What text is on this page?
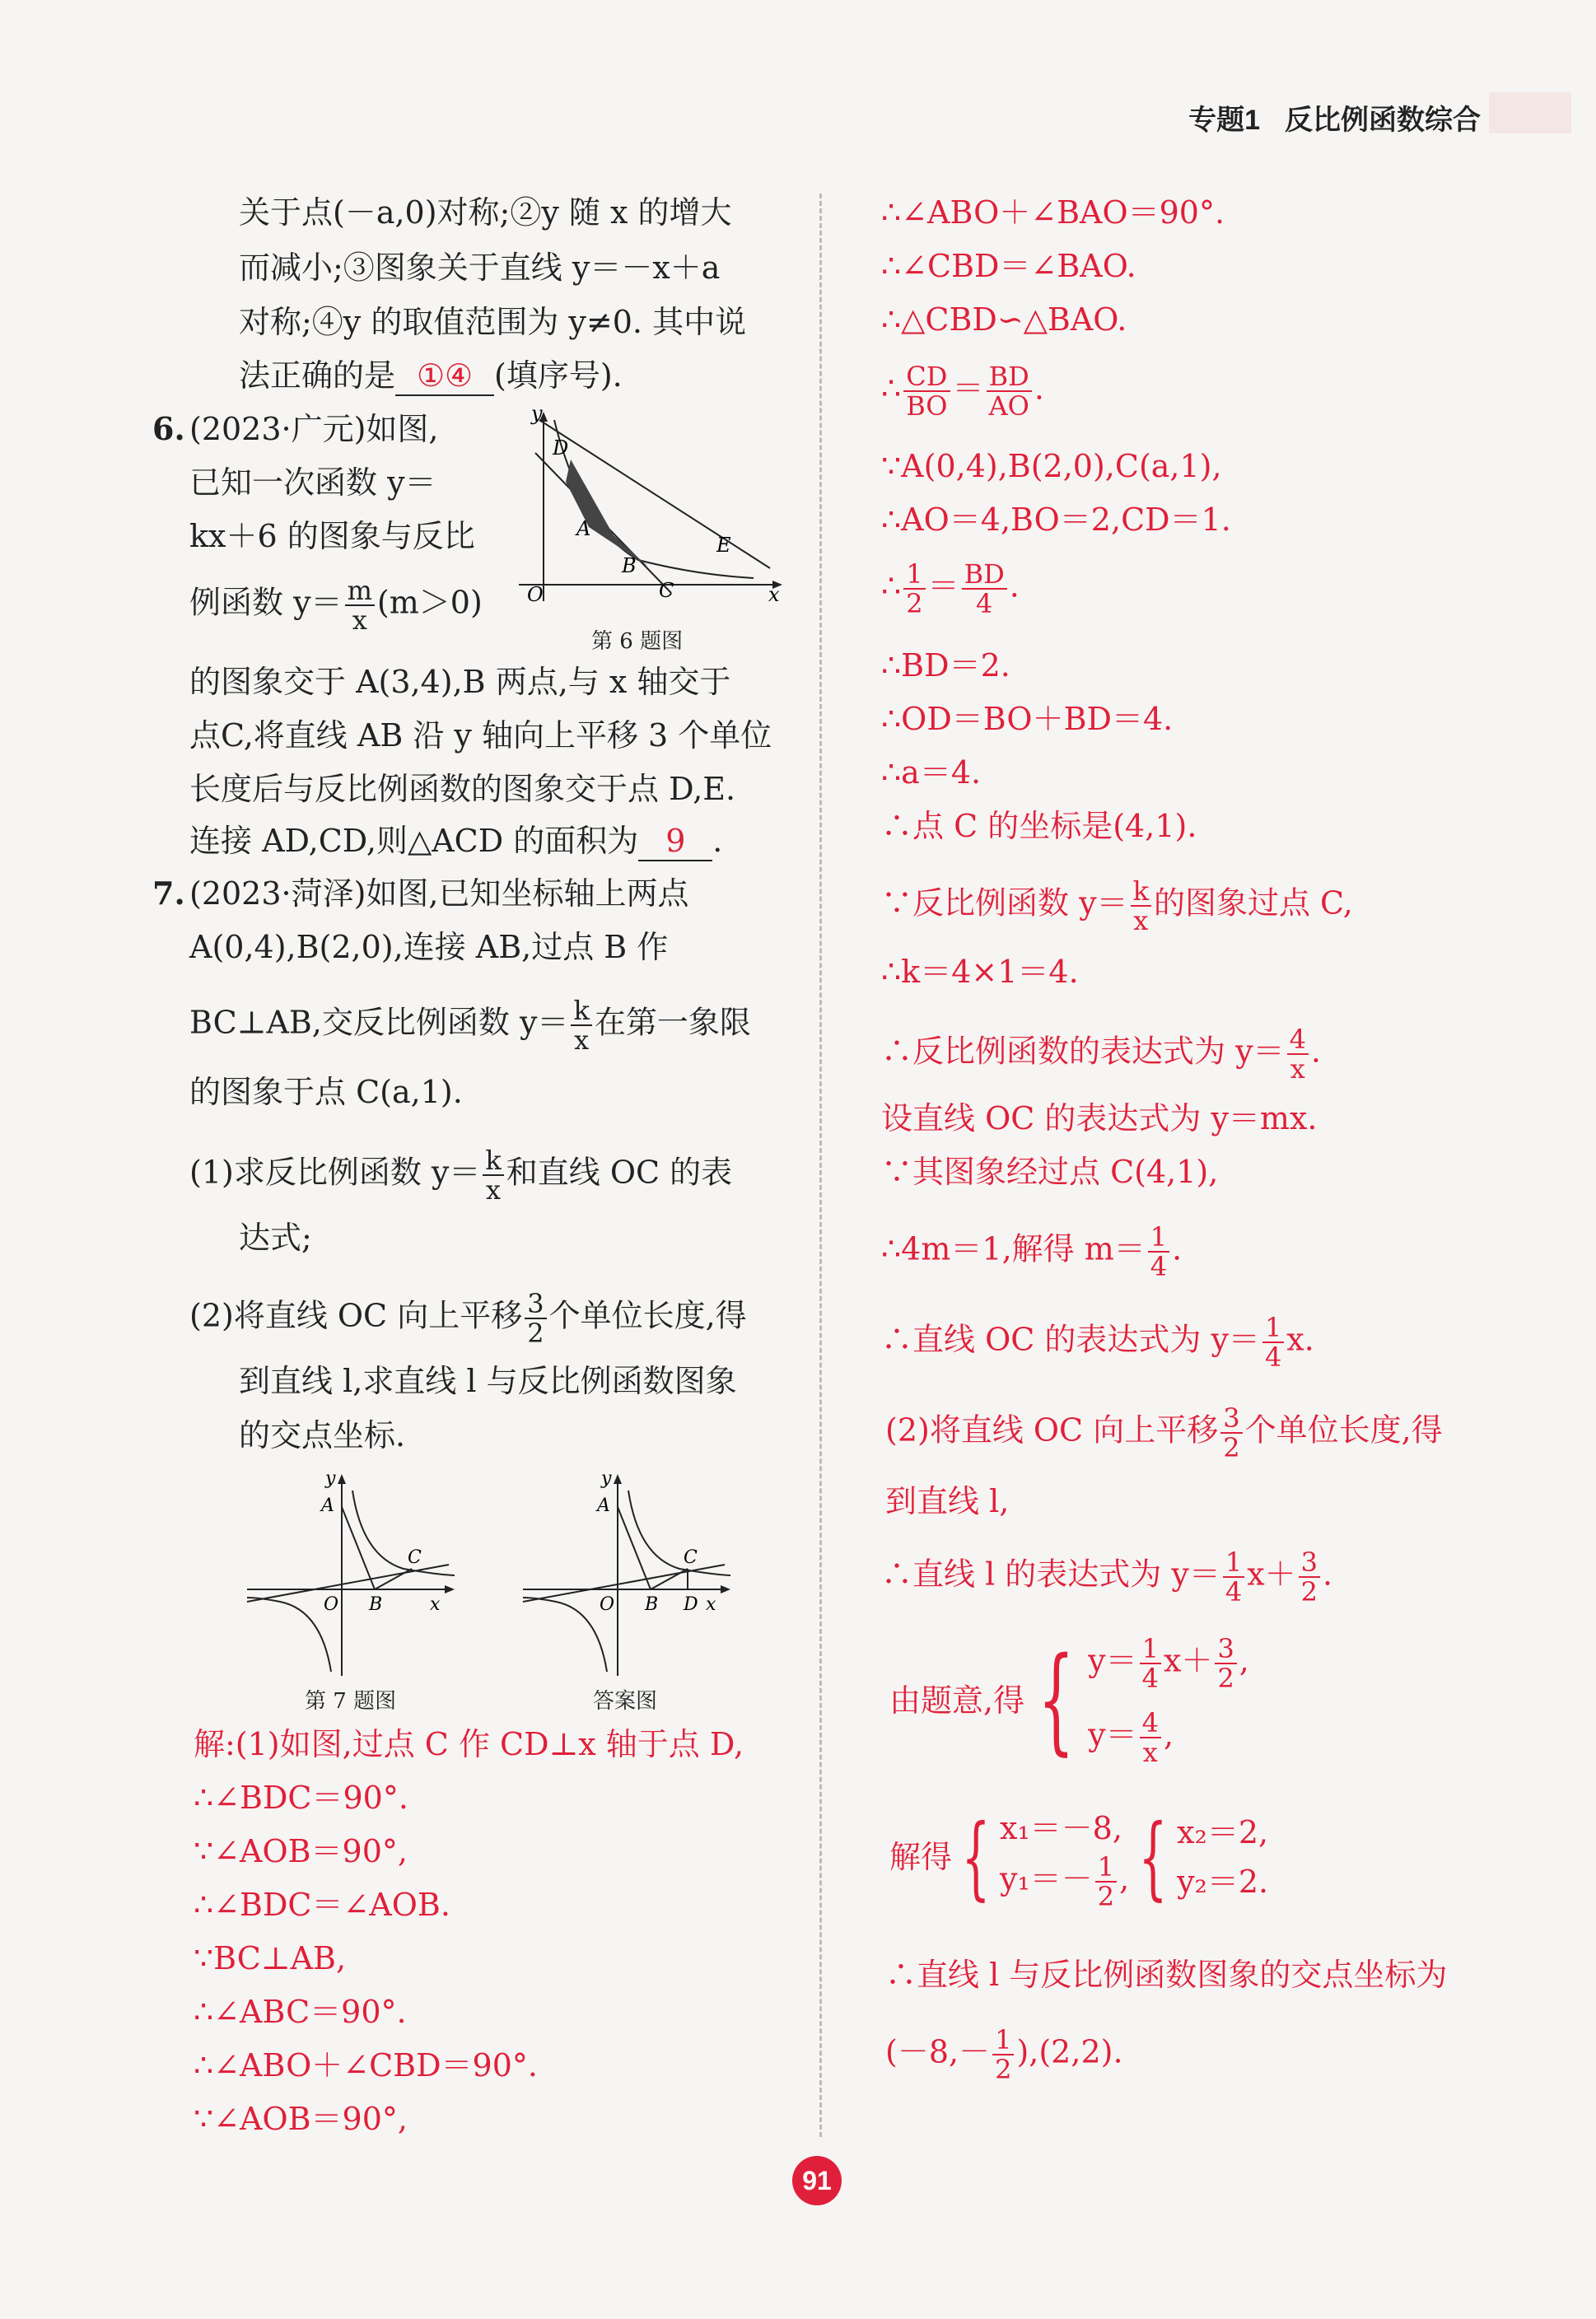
专题1 反比例函数综合
关于点(－a,0)对称;②y 随 x 的增大
而减小;③图象关于直线 y＝－x＋a
对称;④y 的取值范围为 y≠0. 其中说
法正确的是 ①④ (填序号).
6. (2023·广元)如图,
已知一次函数 y＝
kx＋6 的图象与反比
例函数 $y= \frac{m}{x} (m>0)$
D
A
B
C
E
O
y
x
第 6 题图
的图象交于 A(3,4),B 两点,与 x 轴交于
点C,将直线 AB 沿 y 轴向上平移 3 个单位
长度后与反比例函数的图象交于点 D,E.
连接 AD,CD,则△ACD 的面积为 9 .
7. (2023·菏泽)如图,已知坐标轴上两点
A(0,4),B(2,0),连接 AB,过点 B 作
BC⊥AB,交反比例函数 $y= \frac{k}{x}$ 在第一象限
的图象于点 C(a,1).
(1)求反比例函数 $y= \frac{k}{x}$ 和直线 OC 的表
达式;
(2)将直线 OC 向上平移 $\frac{3}{2}$ 个单位长度,得
到直线 l,求直线 l 与反比例函数图象
的交点坐标.
y
A
O B
C
x
第 7 题图
y
A
O B
C
D x
答案图
解:(1)如图,过点 C 作 CD⊥x 轴于点 D,
∴∠BDC＝90°.
∵∠AOB＝90°,
∴∠BDC＝∠AOB.
∵BC⊥AB,
∴∠ABC＝90°.
∴∠ABO＋∠CBD＝90°.
∵∠AOB＝90°,
∴∠ABO＋∠BAO＝90°.
∴∠CBD＝∠BAO.
∴△CBD∽△BAO.
∴ $\frac{CD}{BO} = \frac{BD}{AO}$ .
∵A(0,4),B(2,0),C(a,1),
∴AO＝4,BO＝2,CD＝1.
∴ $\frac{1}{2} = \frac{BD}{4}$ .
∴BD＝2.
∴OD＝BO＋BD＝4.
∴a＝4.
∴点 C 的坐标是(4,1).
∵反比例函数 $y= \frac{k}{x}$ 的图象过点 C,
∴k＝4×1＝4.
∴反比例函数的表达式为 $y= \frac{4}{x}$ .
设直线 OC 的表达式为 y＝mx.
∵其图象经过点 C(4,1),
∴4m＝1,解得 $m= \frac{1}{4}$ .
∴直线 OC 的表达式为 $y= \frac{1}{4} x$.
(2)将直线 OC 向上平移 $\frac{3}{2}$ 个单位长度,得
到直线 l,
∴直线 l 的表达式为 $y= \frac{1}{4} x+ \frac{3}{2}$ .
由题意,得 { $y= \frac{1}{4} x+ \frac{3}{2}$ ,
$y= \frac{4}{x}$ ,
解得 { x₁＝－8,
$y_1=- \frac{1}{2}$ , { x₂＝2,
y₂＝2.
∴直线 l 与反比例函数图象的交点坐标为
$(-8,- \frac{1}{2} ),(2,2)$.
91
